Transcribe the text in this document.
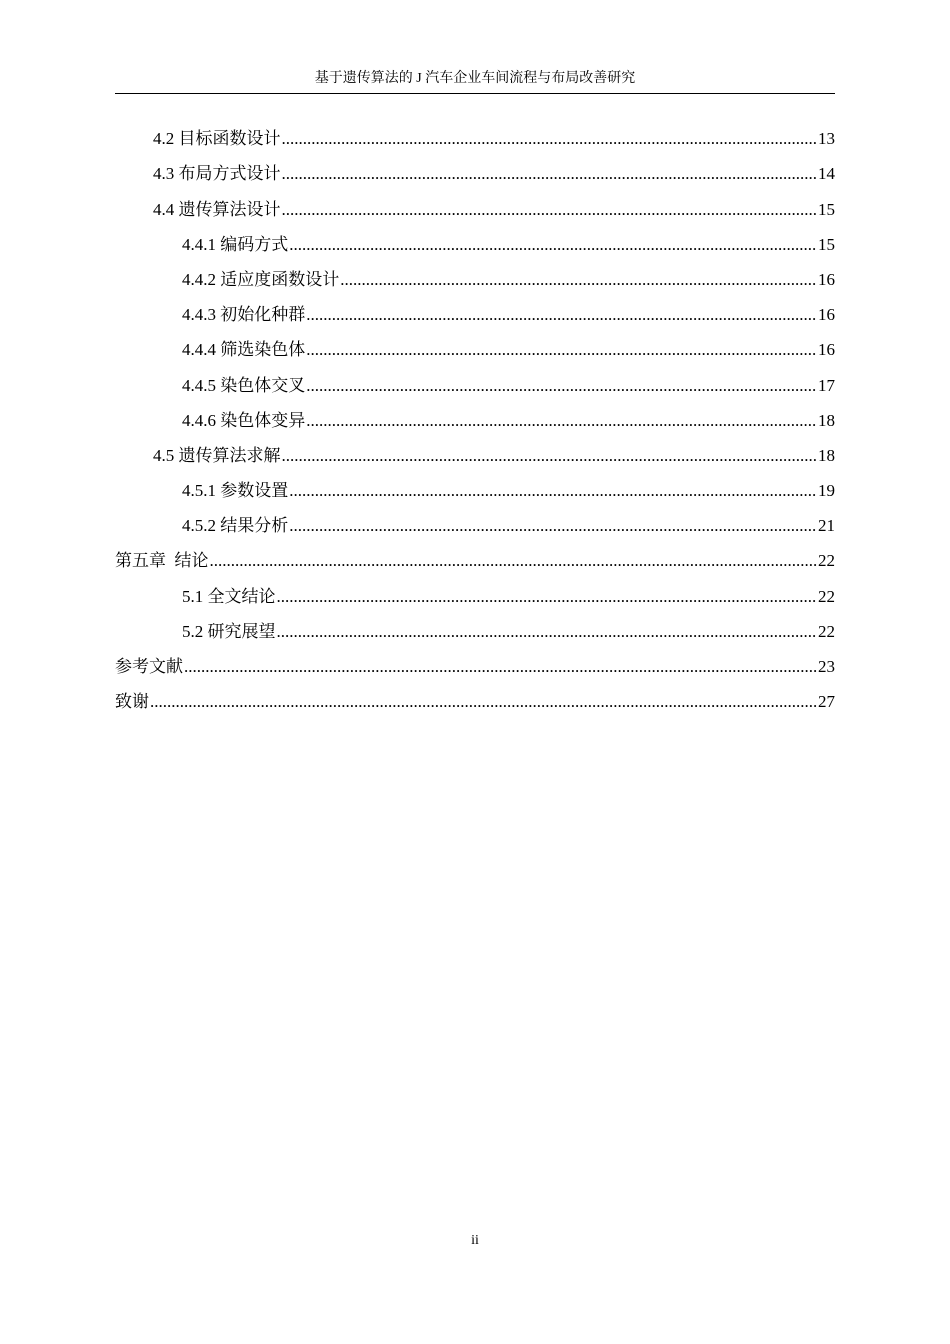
基于遗传算法的 J 汽车企业车间流程与布局改善研究
4.2 目标函数设计 .....	13
4.3 布局方式设计 .....	14
4.4 遗传算法设计 .....	15
4.4.1 编码方式 .....	15
4.4.2 适应度函数设计 .....	16
4.4.3 初始化种群 .....	16
4.4.4 筛选染色体 .....	16
4.4.5 染色体交叉 .....	17
4.4.6 染色体变异 .....	18
4.5 遗传算法求解 .....	18
4.5.1 参数设置 .....	19
4.5.2 结果分析 .....	21
第五章  结论 .....	22
5.1 全文结论 .....	22
5.2 研究展望 .....	22
参考文献 .....	23
致谢 .....	27
ii
